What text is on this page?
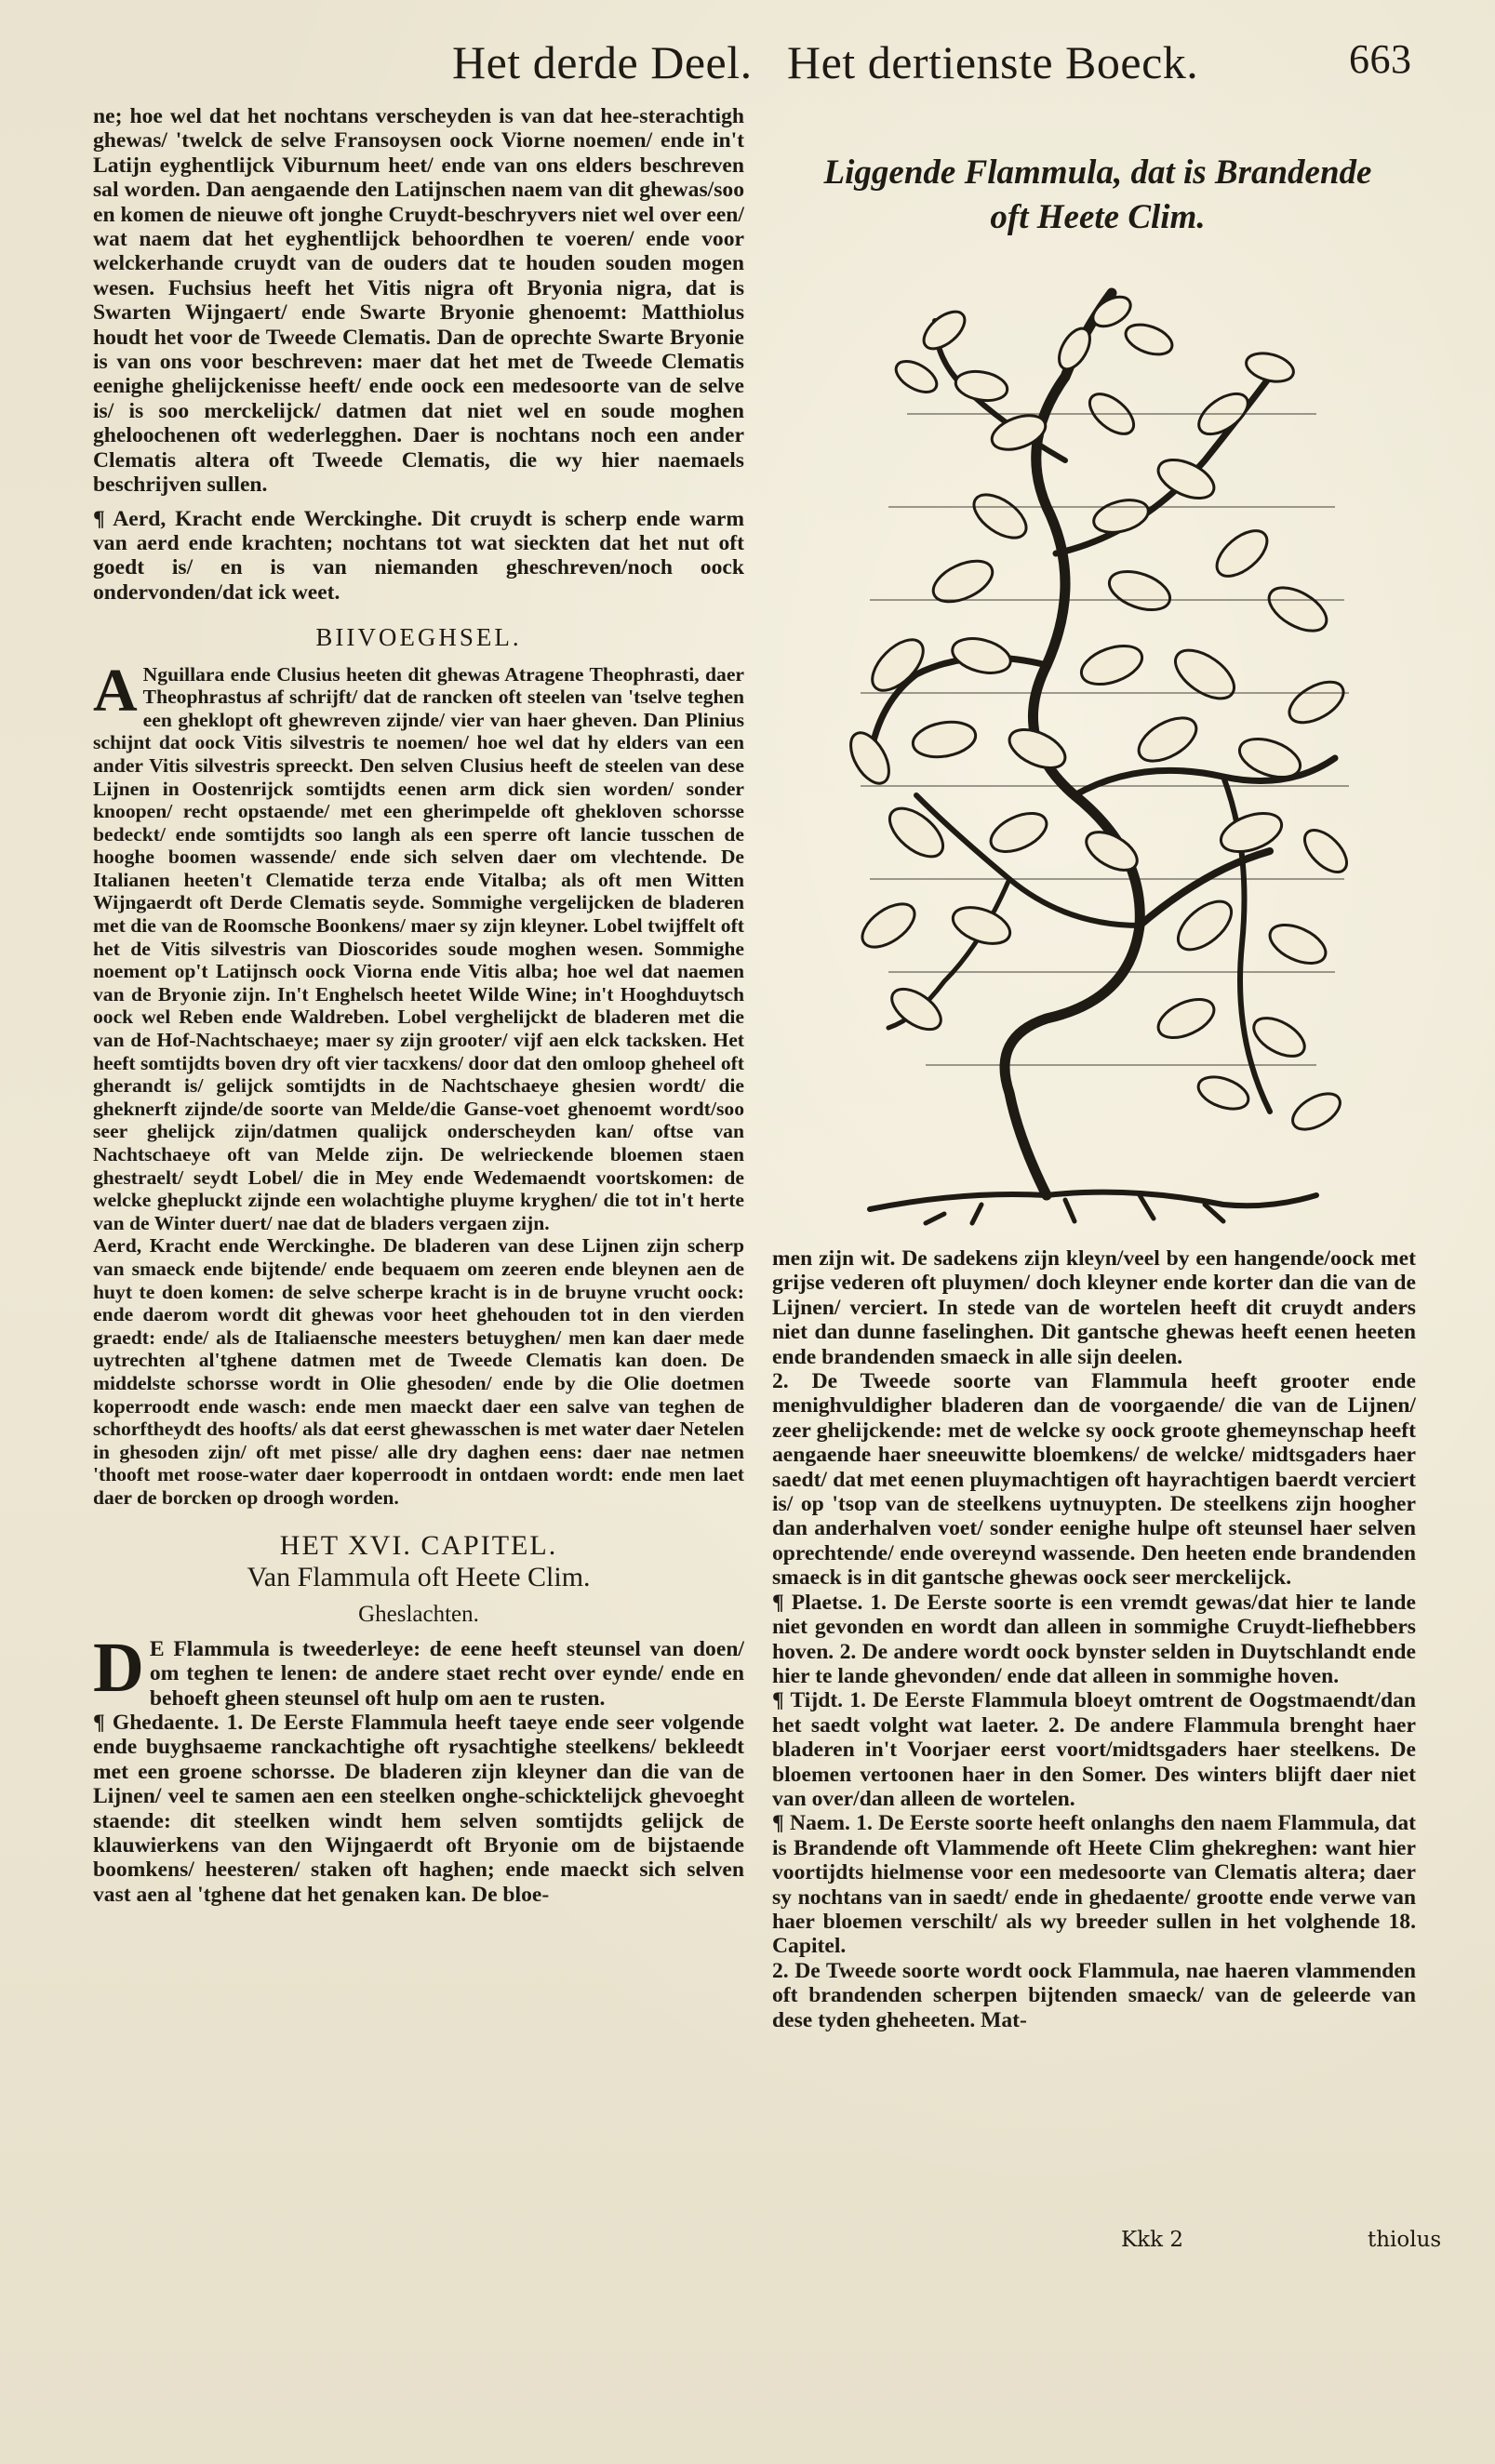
Het derde Deel. Het dertienste Boeck.	663

ne; hoe wel dat het nochtans verscheyden is van dat hee-sterachtigh ghewas/ 'twelck de selve Fransoysen oock Viorne noemen/ ende in't Latijn eyghentlijck Viburnum heet/ ende van ons elders beschreven sal worden. Dan aengaende den Latijnschen naem van dit ghewas/soo en komen de nieuwe oft jonghe Cruydt-beschryvers niet wel over een/ wat naem dat het eyghentlijck behoordhen te voeren/ ende voor welckerhande cruydt van de ouders dat te houden souden mogen wesen. Fuchsius heeft het Vitis nigra oft Bryonia nigra, dat is Swarten Wijngaert/ ende Swarte Bryonie ghenoemt: Matthiolus houdt het voor de Tweede Clematis. Dan de oprechte Swarte Bryonie is van ons voor beschreven: maer dat het met de Tweede Clematis eenighe ghelijckenisse heeft/ ende oock een medesoorte van de selve is/ is soo merckelijck/ datmen dat niet wel en soude moghen gheloochenen oft wederlegghen. Daer is nochtans noch een ander Clematis altera oft Tweede Clematis, die wy hier naemaels beschrijven sullen.

¶ Aerd, Kracht ende Werckinghe. Dit cruydt is scherp ende warm van aerd ende krachten; nochtans tot wat sieckten dat het nut oft goedt is/ en is van niemanden gheschreven/noch oock ondervonden/dat ick weet.

BIIVOEGHSEL.

A Nguillara ende Clusius heeten dit ghewas Atragene Theophrasti, daer Theophrastus af schrijft/ dat de rancken oft steelen van 'tselve teghen een gheklopt oft ghewreven zijnde/ vier van haer gheven. Dan Plinius schijnt dat oock Vitis silvestris te noemen/ hoe wel dat hy elders van een ander Vitis silvestris spreeckt. Den selven Clusius heeft de steelen van dese Lijnen in Oostenrijck somtijdts eenen arm dick sien worden/ sonder knoopen/ recht opstaende/ met een gherimpelde oft ghekloven schorsse bedeckt/ ende somtijdts soo langh als een sperre oft lancie tusschen de hooghe boomen wassende/ ende sich selven daer om vlechtende. De Italianen heeten't Clematide terza ende Vitalba; als oft men Witten Wijngaerdt oft Derde Clematis seyde. Sommighe vergelijcken de bladeren met die van de Roomsche Boonkens/ maer sy zijn kleyner. Lobel twijffelt oft het de Vitis silvestris van Dioscorides soude moghen wesen. Sommighe noement op't Latijnsch oock Viorna ende Vitis alba; hoe wel dat naemen van de Bryonie zijn. In't Enghelsch heetet Wilde Wine; in't Hooghduytsch oock wel Reben ende Waldreben. Lobel verghelijckt de bladeren met die van de Hof-Nachtschaeye; maer sy zijn grooter/ vijf aen elck tacksken. Het heeft somtijdts boven dry oft vier tacxkens/ door dat den omloop gheheel oft gherandt is/ gelijck somtijdts in de Nachtschaeye ghesien wordt/ die gheknerft zijnde/de soorte van Melde/die Ganse-voet ghenoemt wordt/soo seer ghelijck zijn/datmen qualijck onderscheyden kan/ oftse van Nachtschaeye oft van Melde zijn. De welrieckende bloemen staen ghestraelt/ seydt Lobel/ die in Mey ende Wedemaendt voortskomen: de welcke ghepluckt zijnde een wolachtighe pluyme kryghen/ die tot in't herte van de Winter duert/ nae dat de bladers vergaen zijn.

Aerd, Kracht ende Werckinghe. De bladeren van dese Lijnen zijn scherp van smaeck ende bijtende/ ende bequaem om zeeren ende bleynen aen de huyt te doen komen: de selve scherpe kracht is in de bruyne vrucht oock: ende daerom wordt dit ghewas voor heet ghehouden tot in den vierden graedt: ende/ als de Italiaensche meesters betuyghen/ men kan daer mede uytrechten al'tghene datmen met de Tweede Clematis kan doen. De middelste schorsse wordt in Olie ghesoden/ ende by die Olie doetmen koperroodt ende wasch: ende men maeckt daer een salve van teghen de schorftheydt des hoofts/ als dat eerst ghewasschen is met water daer Netelen in ghesoden zijn/ oft met pisse/ alle dry daghen eens: daer nae netmen 'thooft met roose-water daer koperroodt in ontdaen wordt: ende men laet daer de borcken op droogh worden.

HET XVI. CAPITEL.
Van Flammula oft Heete Clim.
Gheslachten.

D E Flammula is tweederleye: de eene heeft steunsel van doen/ om teghen te lenen: de andere staet recht over eynde/ ende en behoeft gheen steunsel oft hulp om aen te rusten.

¶ Ghedaente. 1. De Eerste Flammula heeft taeye ende seer volgende ende buyghsaeme ranckachtighe oft rysachtighe steelkens/ bekleedt met een groene schorsse. De bladeren zijn kleyner dan die van de Lijnen/ veel te samen aen een steelken onghe-schicktelijck ghevoeght staende: dit steelken windt hem selven somtijdts gelijck de klauwierkens van den Wijngaerdt oft Bryonie om de bijstaende boomkens/ heesteren/ staken oft haghen; ende maeckt sich selven vast aen al 'tghene dat het genaken kan. De bloe-

Liggende Flammula, dat is Brandende
oft Heete Clim.

men zijn wit. De sadekens zijn kleyn/veel by een hangende/oock met grijse vederen oft pluymen/ doch kleyner ende korter dan die van de Lijnen/ verciert. In stede van de wortelen heeft dit cruydt anders niet dan dunne faselinghen. Dit gantsche ghewas heeft eenen heeten ende brandenden smaeck in alle sijn deelen.

2. De Tweede soorte van Flammula heeft grooter ende menighvuldigher bladeren dan de voorgaende/ die van de Lijnen/ zeer ghelijckende: met de welcke sy oock groote ghemeynschap heeft aengaende haer sneeuwitte bloemkens/ de welcke/ midtsgaders haer saedt/ dat met eenen pluymachtigen oft hayrachtigen baerdt verciert is/ op 'tsop van de steelkens uytnuypten. De steelkens zijn hoogher dan anderhalven voet/ sonder eenighe hulpe oft steunsel haer selven oprechtende/ ende overeynd wassende. Den heeten ende brandenden smaeck is in dit gantsche ghewas oock seer merckelijck.

¶ Plaetse. 1. De Eerste soorte is een vremdt gewas/dat hier te lande niet gevonden en wordt dan alleen in sommighe Cruydt-liefhebbers hoven. 2. De andere wordt oock bynster selden in Duytschlandt ende hier te lande ghevonden/ ende dat alleen in sommighe hoven.

¶ Tijdt. 1. De Eerste Flammula bloeyt omtrent de Oogstmaendt/dan het saedt volght wat laeter. 2. De andere Flammula brenght haer bladeren in't Voorjaer eerst voort/midtsgaders haer steelkens. De bloemen vertoonen haer in den Somer. Des winters blijft daer niet van over/dan alleen de wortelen.

¶ Naem. 1. De Eerste soorte heeft onlanghs den naem Flammula, dat is Brandende oft Vlammende oft Heete Clim ghekreghen: want hier voortijdts hielmense voor een medesoorte van Clematis altera; daer sy nochtans van in saedt/ ende in ghedaente/ grootte ende verwe van haer bloemen verschilt/ als wy breeder sullen in het volghende 18. Capitel.

2. De Tweede soorte wordt oock Flammula, nae haeren vlammenden oft brandenden scherpen bijtenden smaeck/ van de geleerde van dese tyden gheheeten. Mat-

Kkk 2	thiolus
